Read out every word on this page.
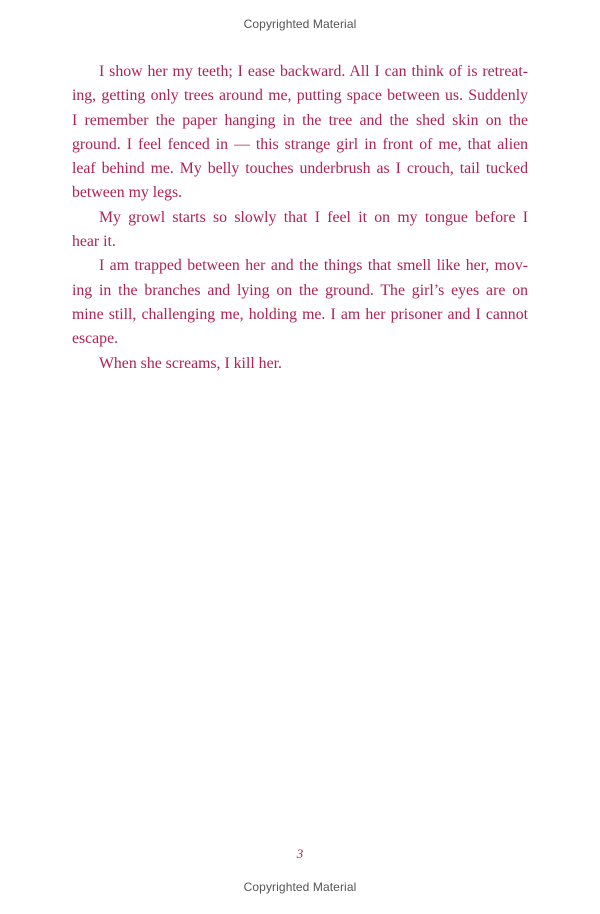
Copyrighted Material

I show her my teeth; I ease backward. All I can think of is retreat-
ing, getting only trees around me, putting space between us. Suddenly
I remember the paper hanging in the tree and the shed skin on the
ground. I feel fenced in — this strange girl in front of me, that alien
leaf behind me. My belly touches underbrush as I crouch, tail tucked
between my legs.

My growl starts so slowly that I feel it on my tongue before I
hear it.

I am trapped between her and the things that smell like her, mov-
ing in the branches and lying on the ground. The girl’s eyes are on
mine still, challenging me, holding me. I am her prisoner and I cannot
escape.

When she screams, I kill her.

3
Copyrighted Material
